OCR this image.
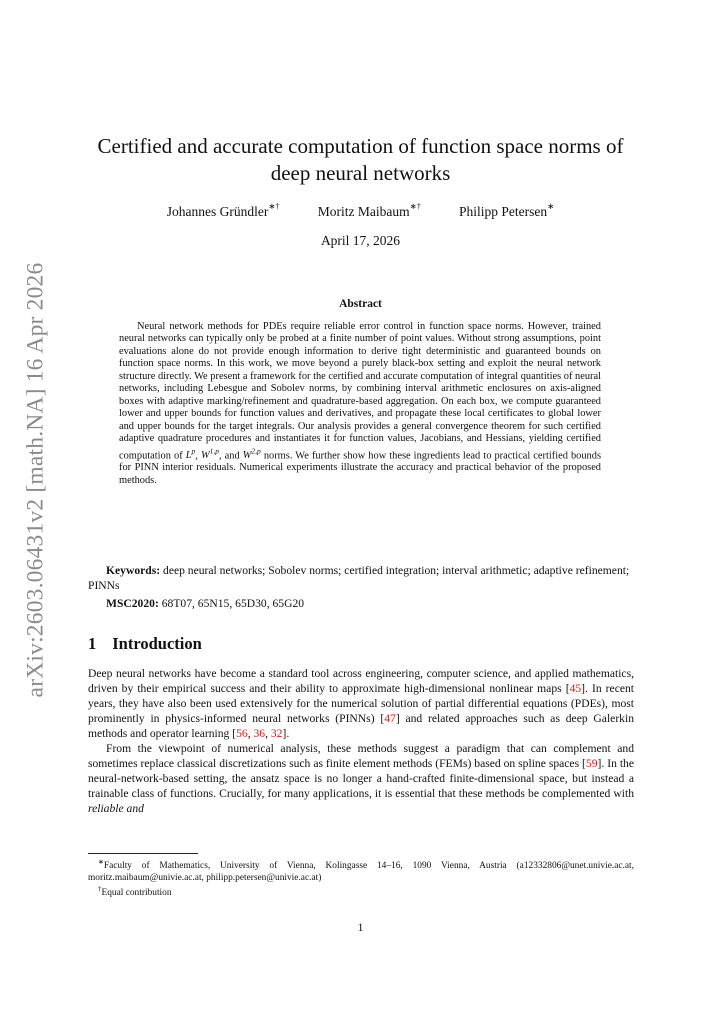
arXiv:2603.06431v2 [math.NA] 16 Apr 2026
Certified and accurate computation of function space norms of deep neural networks
Johannes Gründler∗†	Moritz Maibaum∗†	Philipp Petersen∗
April 17, 2026
Abstract

Neural network methods for PDEs require reliable error control in function space norms. However, trained neural networks can typically only be probed at a finite number of point values. Without strong assumptions, point evaluations alone do not provide enough information to derive tight deterministic and guaranteed bounds on function space norms. In this work, we move beyond a purely black-box setting and exploit the neural network structure directly. We present a framework for the certified and accurate computation of integral quantities of neural networks, including Lebesgue and Sobolev norms, by combining interval arithmetic enclosures on axis-aligned boxes with adaptive marking/refinement and quadrature-based aggregation. On each box, we compute guaranteed lower and upper bounds for function values and derivatives, and propagate these local certificates to global lower and upper bounds for the target integrals. Our analysis provides a general convergence theorem for such certified adaptive quadrature procedures and instantiates it for function values, Jacobians, and Hessians, yielding certified computation of $L^p$, W$^{1,p}$, and W$^{2,p}$ norms. We further show how these ingredients lead to practical certified bounds for PINN interior residuals. Numerical experiments illustrate the accuracy and practical behavior of the proposed methods.

Keywords: deep neural networks; Sobolev norms; certified integration; interval arithmetic; adaptive refinement; PINNs

MSC2020: 68T07, 65N15, 65D30, 65G20
1 Introduction

Deep neural networks have become a standard tool across engineering, computer science, and applied mathematics, driven by their empirical success and their ability to approximate high-dimensional nonlinear maps [45]. In recent years, they have also been used extensively for the numerical solution of partial differential equations (PDEs), most prominently in physics-informed neural networks (PINNs) [47] and related approaches such as deep Galerkin methods and operator learning [56, 36, 32].

From the viewpoint of numerical analysis, these methods suggest a paradigm that can complement and sometimes replace classical discretizations such as finite element methods (FEMs) based on spline spaces [59]. In the neural-network-based setting, the ansatz space is no longer a hand-crafted finite-dimensional space, but instead a trainable class of functions. Crucially, for many applications, it is essential that these methods be complemented with reliable and

∗Faculty of Mathematics, University of Vienna, Kolingasse 14–16, 1090 Vienna, Austria (a12332806@unet.univie.ac.at, moritz.maibaum@univie.ac.at, philipp.petersen@univie.ac.at)

†Equal contribution

1
